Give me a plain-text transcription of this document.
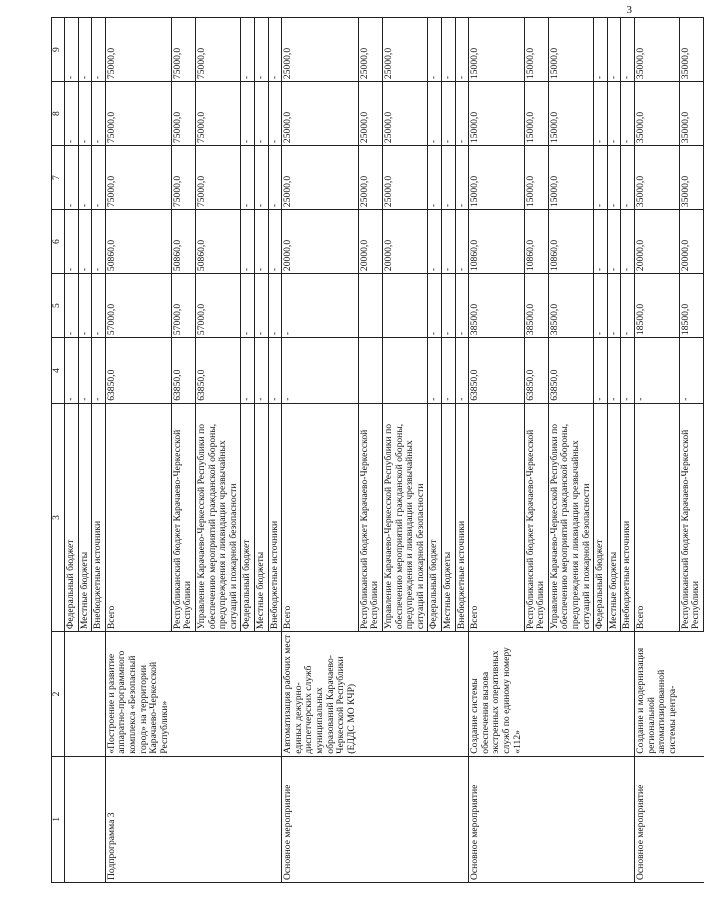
3
1	2	3	4	5	6	7	8	9
		Федеральный бюджет	-	-	-	-	-	-
		Местные бюджеты	-	-	-	-	-	-
		Внебюджетные источники	-	-	-	-	-	-
Подпрограмма 3	«Построение и развитие аппаратно-программного комплекса «Безопасный город» на территории Карачаево-Черкесской Республики»	Всего	63850,0	57000,0	50860,0	75000,0	75000,0	75000,0
		Республиканский бюджет Карачаево-Черкесской Республики	63850,0	57000,0	50860,0	75000,0	75000,0	75000,0
		Управление Карачаево-Черкесской Республики по обеспечению мероприятий гражданской обороны, предупреждения и ликвидации чрезвычайных ситуаций и пожарной безопасности	63850,0	57000,0	50860,0	75000,0	75000,0	75000,0
		Федеральный бюджет	-	-	-	-	-	-
		Местные бюджеты	-	-	-	-	-	-
		Внебюджетные источники	-	-	-	-	-	-
Основное мероприятие	Автоматизация рабочих мест единых дежурно-диспетчерских служб муниципальных образований Карачаево-Черкесской Республики (ЕДДС МО КЧР)	Всего	-	-	20000,0	25000,0	25000,0	25000,0
		Республиканский бюджет Карачаево-Черкесской Республики			20000,0	25000,0	25000,0	25000,0
		Управление Карачаево-Черкесской Республики по обеспечению мероприятий гражданской обороны, предупреждения и ликвидации чрезвычайных ситуаций и пожарной безопасности			20000,0	25000,0	25000,0	25000,0
		Федеральный бюджет	-	-	-	-	-	-
		Местные бюджеты	-	-	-	-	-	-
		Внебюджетные источники	-	-	-	-	-	-
Основное мероприятие	Создание системы обеспечения вызова экстренных оперативных служб по единому номеру «112»	Всего	63850,0	38500,0	10860,0	15000,0	15000,0	15000,0
		Республиканский бюджет Карачаево-Черкесской Республики	63850,0	38500,0	10860,0	15000,0	15000,0	15000,0
		Управление Карачаево-Черкесской Республики по обеспечению мероприятий гражданской обороны, предупреждения и ликвидации чрезвычайных ситуаций и пожарной безопасности	63850,0	38500,0	10860,0	15000,0	15000,0	15000,0
		Федеральный бюджет	-	-	-	-	-	-
		Местные бюджеты	-	-	-	-	-	-
		Внебюджетные источники	-	-	-	-	-	-
Основное мероприятие	Создание и модернизация региональной автоматизированной системы центра-	Всего	-	18500,0	20000,0	35000,0	35000,0	35000,0
		Республиканский бюджет Карачаево-Черкесской Республики	-	18500,0	20000,0	35000,0	35000,0	35000,0
